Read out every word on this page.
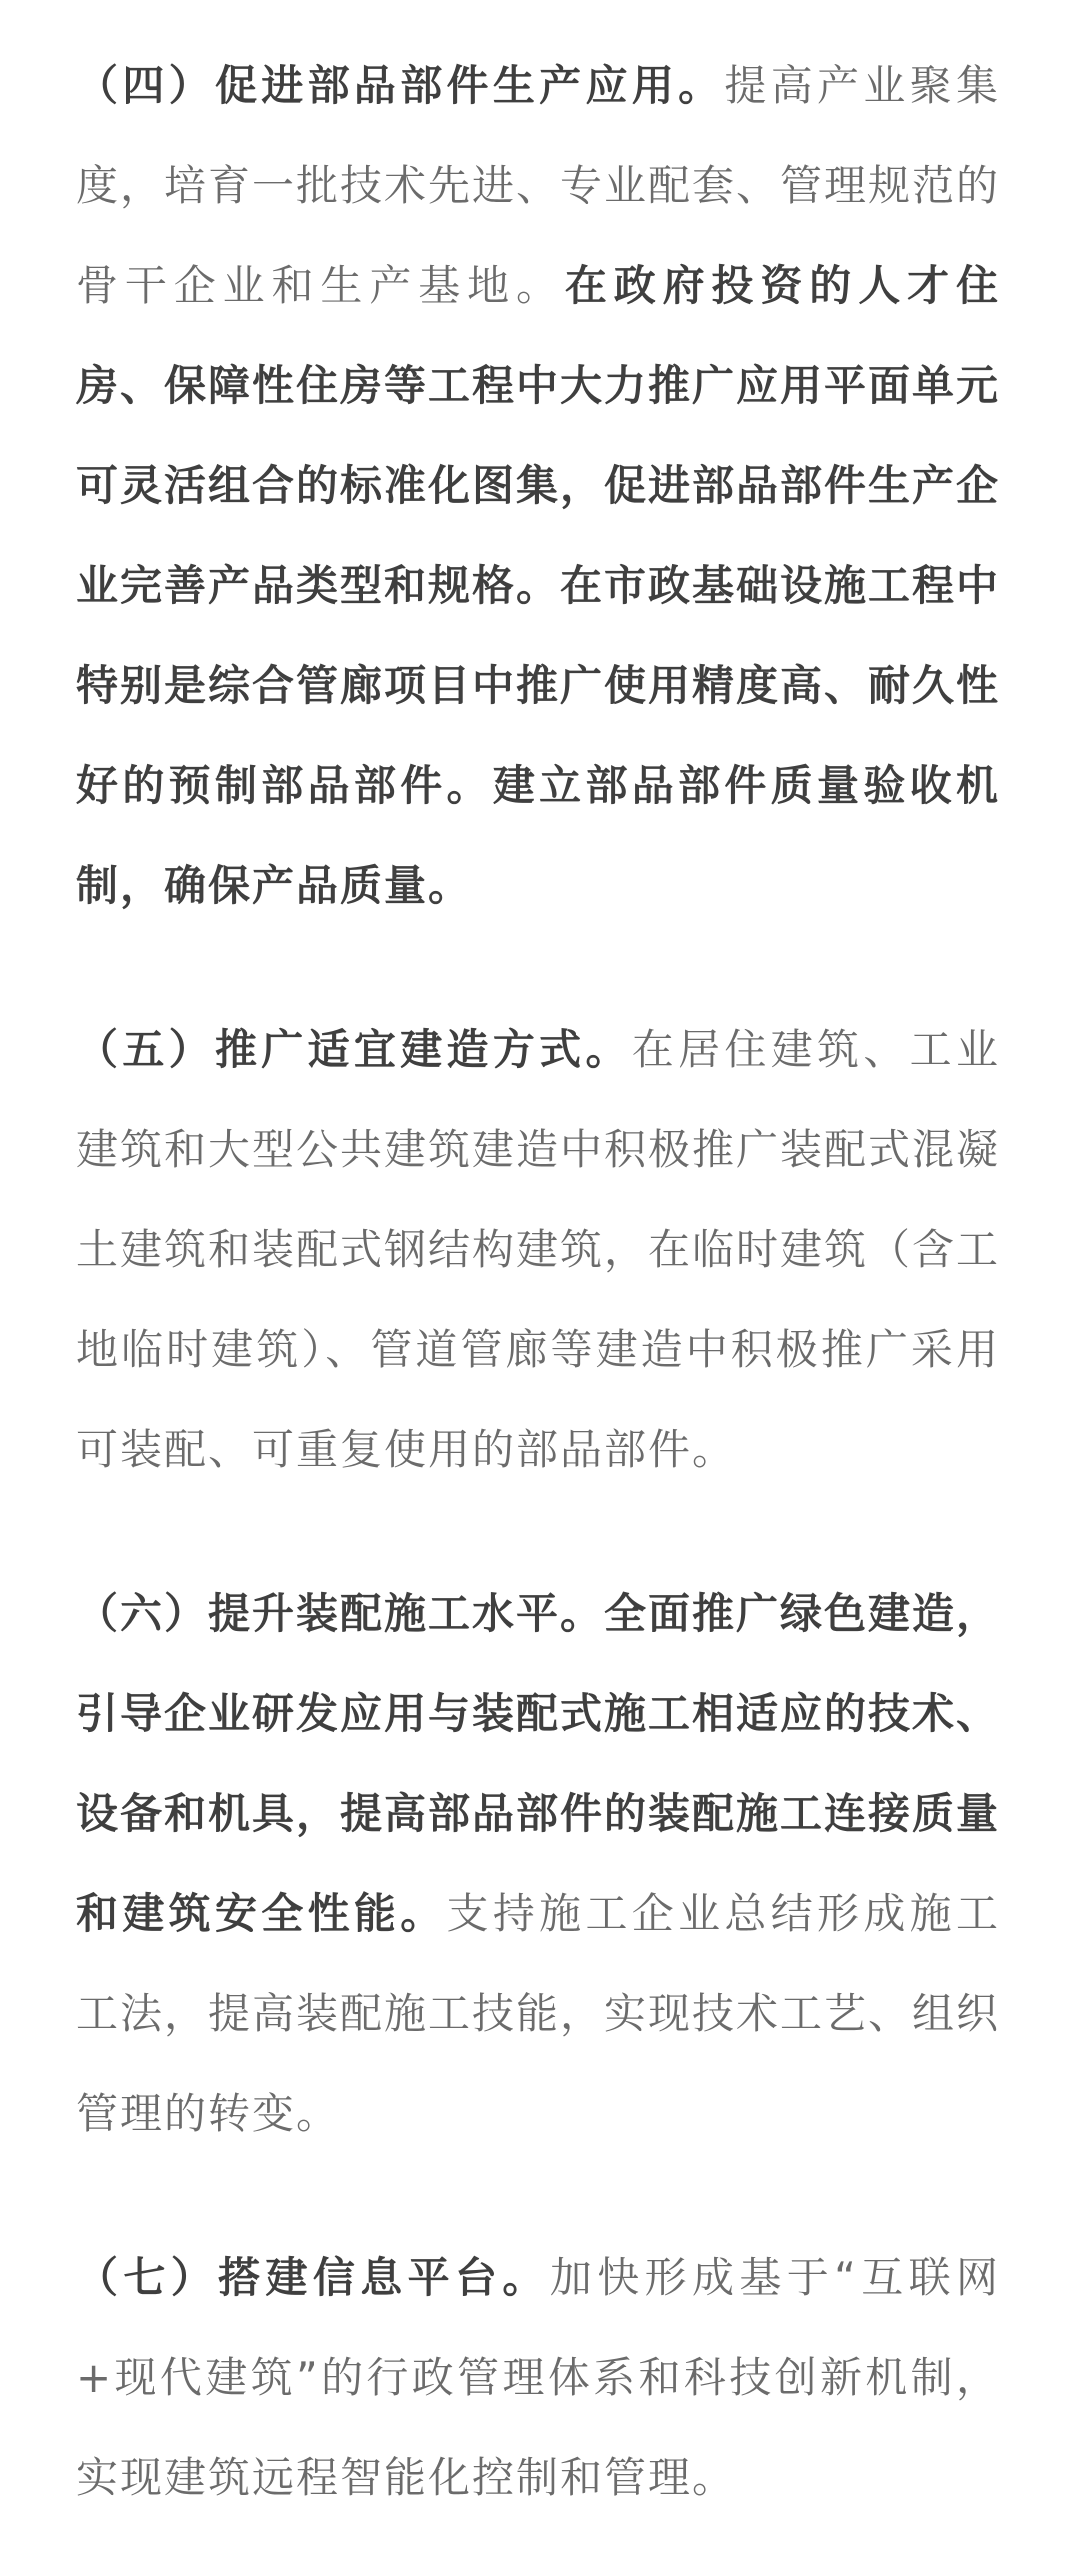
（四）促进部品部件生产应用。提高产业聚集度，培育一批技术先进、专业配套、管理规范的骨干企业和生产基地。在政府投资的人才住房、保障性住房等工程中大力推广应用平面单元可灵活组合的标准化图集，促进部品部件生产企业完善产品类型和规格。在市政基础设施工程中特别是综合管廊项目中推广使用精度高、耐久性好的预制部品部件。建立部品部件质量验收机制，确保产品质量。

（五）推广适宜建造方式。在居住建筑、工业建筑和大型公共建筑建造中积极推广装配式混凝土建筑和装配式钢结构建筑，在临时建筑（含工地临时建筑）、管道管廊等建造中积极推广采用可装配、可重复使用的部品部件。

（六）提升装配施工水平。全面推广绿色建造，引导企业研发应用与装配式施工相适应的技术、设备和机具，提高部品部件的装配施工连接质量和建筑安全性能。支持施工企业总结形成施工工法，提高装配施工技能，实现技术工艺、组织管理的转变。

（七）搭建信息平台。加快形成基于“互联网+现代建筑”的行政管理体系和科技创新机制，实现建筑远程智能化控制和管理。
